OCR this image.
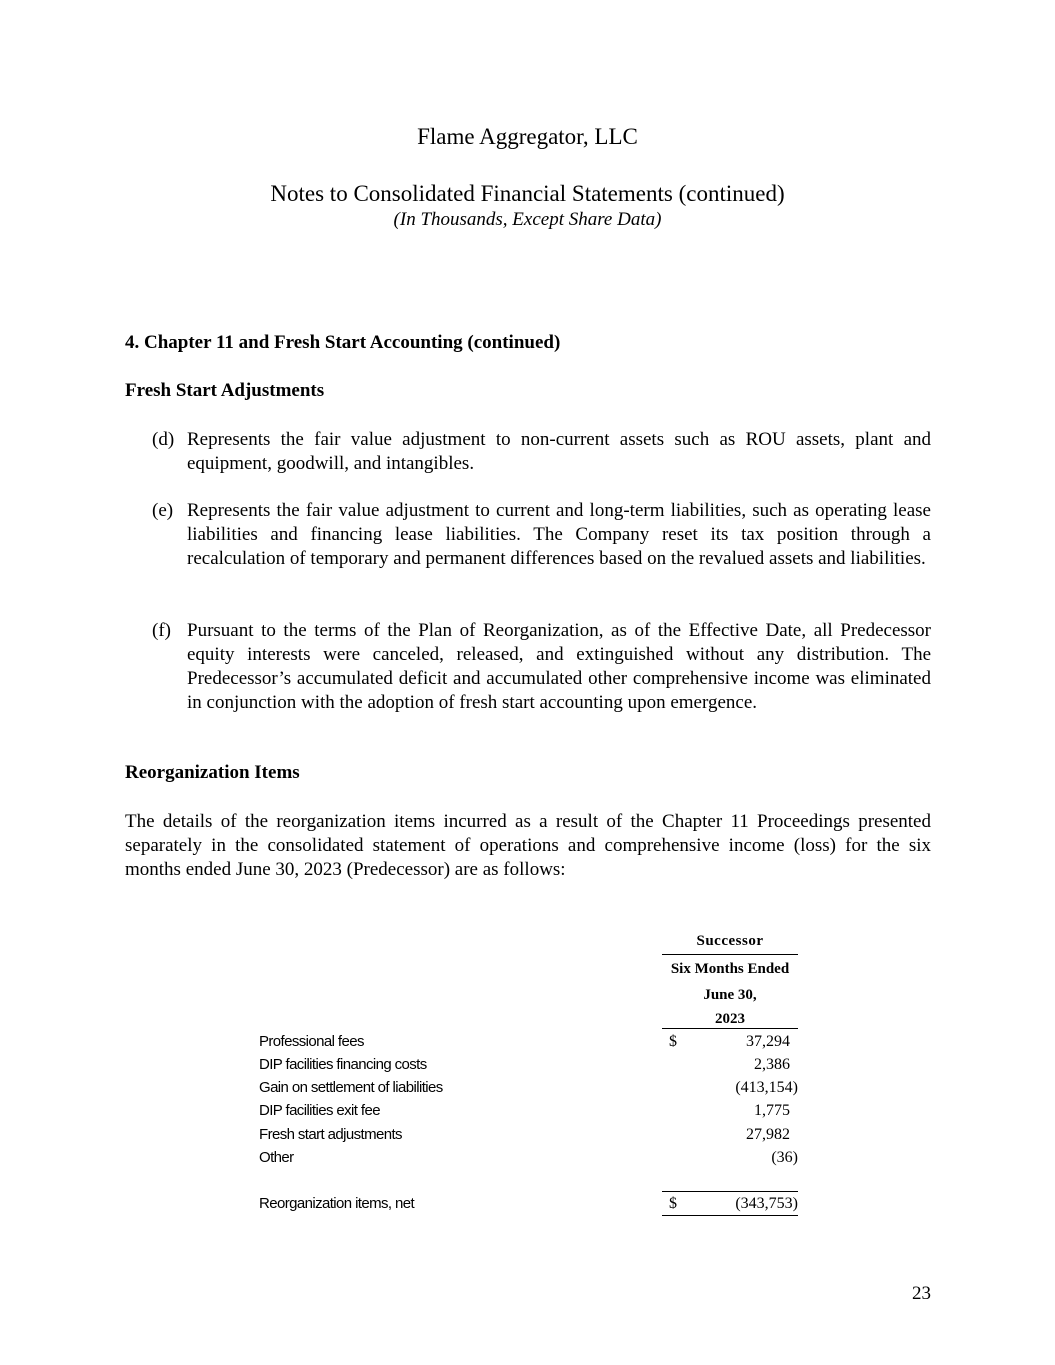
Flame Aggregator, LLC
Notes to Consolidated Financial Statements (continued)
(In Thousands, Except Share Data)
4. Chapter 11 and Fresh Start Accounting (continued)
Fresh Start Adjustments
(d) Represents the fair value adjustment to non-current assets such as ROU assets, plant and equipment, goodwill, and intangibles.
(e) Represents the fair value adjustment to current and long-term liabilities, such as operating lease liabilities and financing lease liabilities. The Company reset its tax position through a recalculation of temporary and permanent differences based on the revalued assets and liabilities.
(f) Pursuant to the terms of the Plan of Reorganization, as of the Effective Date, all Predecessor equity interests were canceled, released, and extinguished without any distribution. The Predecessor’s accumulated deficit and accumulated other comprehensive income was eliminated in conjunction with the adoption of fresh start accounting upon emergence.
Reorganization Items
The details of the reorganization items incurred as a result of the Chapter 11 Proceedings presented separately in the consolidated statement of operations and comprehensive income (loss) for the six months ended June 30, 2023 (Predecessor) are as follows:
Successor
Six Months Ended
June 30,
2023
Professional fees	$	37,294
DIP facilities financing costs	2,386
Gain on settlement of liabilities	(413,154)
DIP facilities exit fee	1,775
Fresh start adjustments	27,982
Other	(36)
Reorganization items, net	$	(343,753)
23
